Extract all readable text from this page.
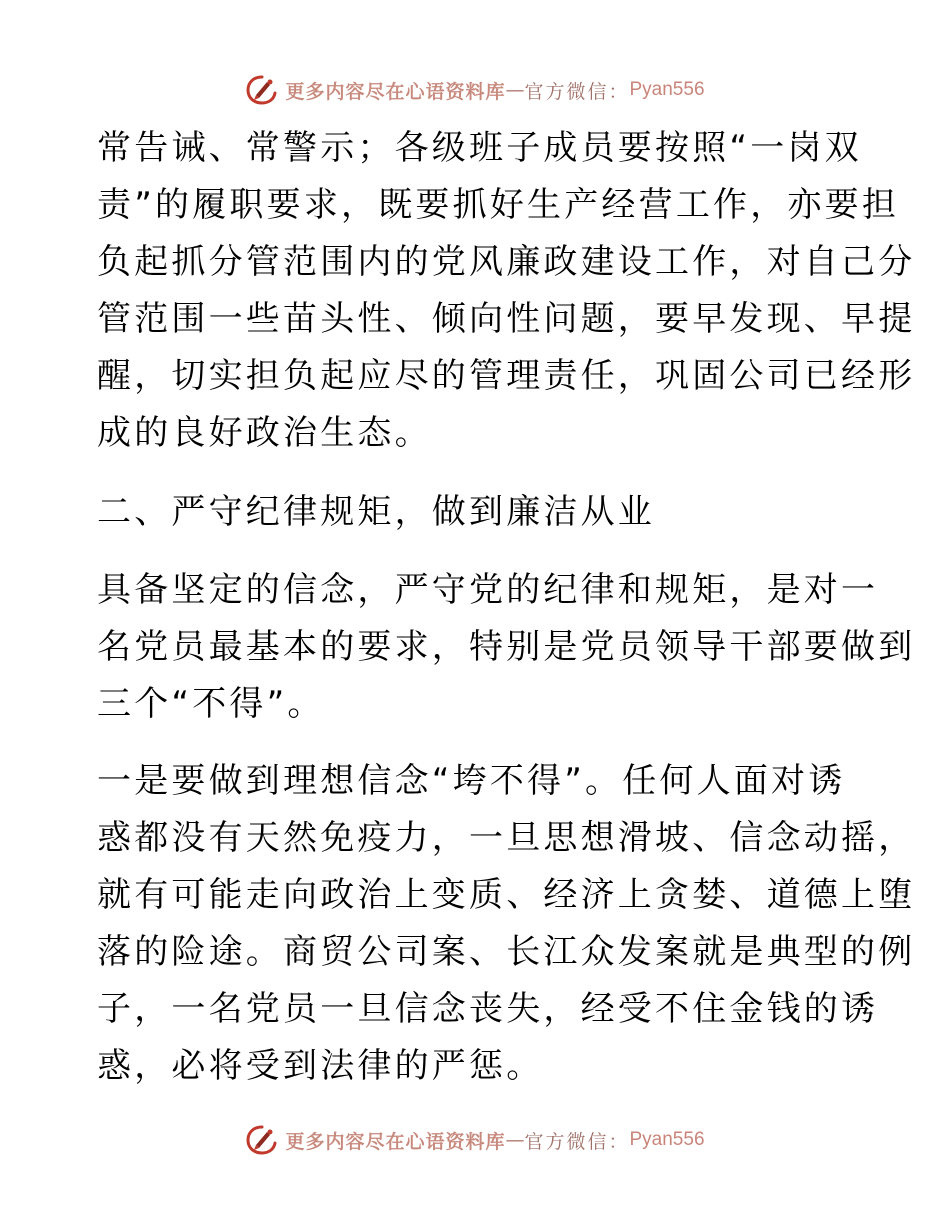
更多内容尽在心语资料库 — 官方微信： Pyan556
常告诫、常警示；各级班子成员要按照“一岗双
责”的履职要求，既要抓好生产经营工作，亦要担
负起抓分管范围内的党风廉政建设工作，对自己分
管范围一些苗头性、倾向性问题，要早发现、早提
醒，切实担负起应尽的管理责任，巩固公司已经形
成的良好政治生态。
二、严守纪律规矩，做到廉洁从业
具备坚定的信念，严守党的纪律和规矩，是对一
名党员最基本的要求，特别是党员领导干部要做到
三个“不得”。
一是要做到理想信念“垮不得”。任何人面对诱
惑都没有天然免疫力，一旦思想滑坡、信念动摇，
就有可能走向政治上变质、经济上贪婪、道德上堕
落的险途。商贸公司案、长江众发案就是典型的例
子，一名党员一旦信念丧失，经受不住金钱的诱
惑，必将受到法律的严惩。
更多内容尽在心语资料库 — 官方微信： Pyan556
